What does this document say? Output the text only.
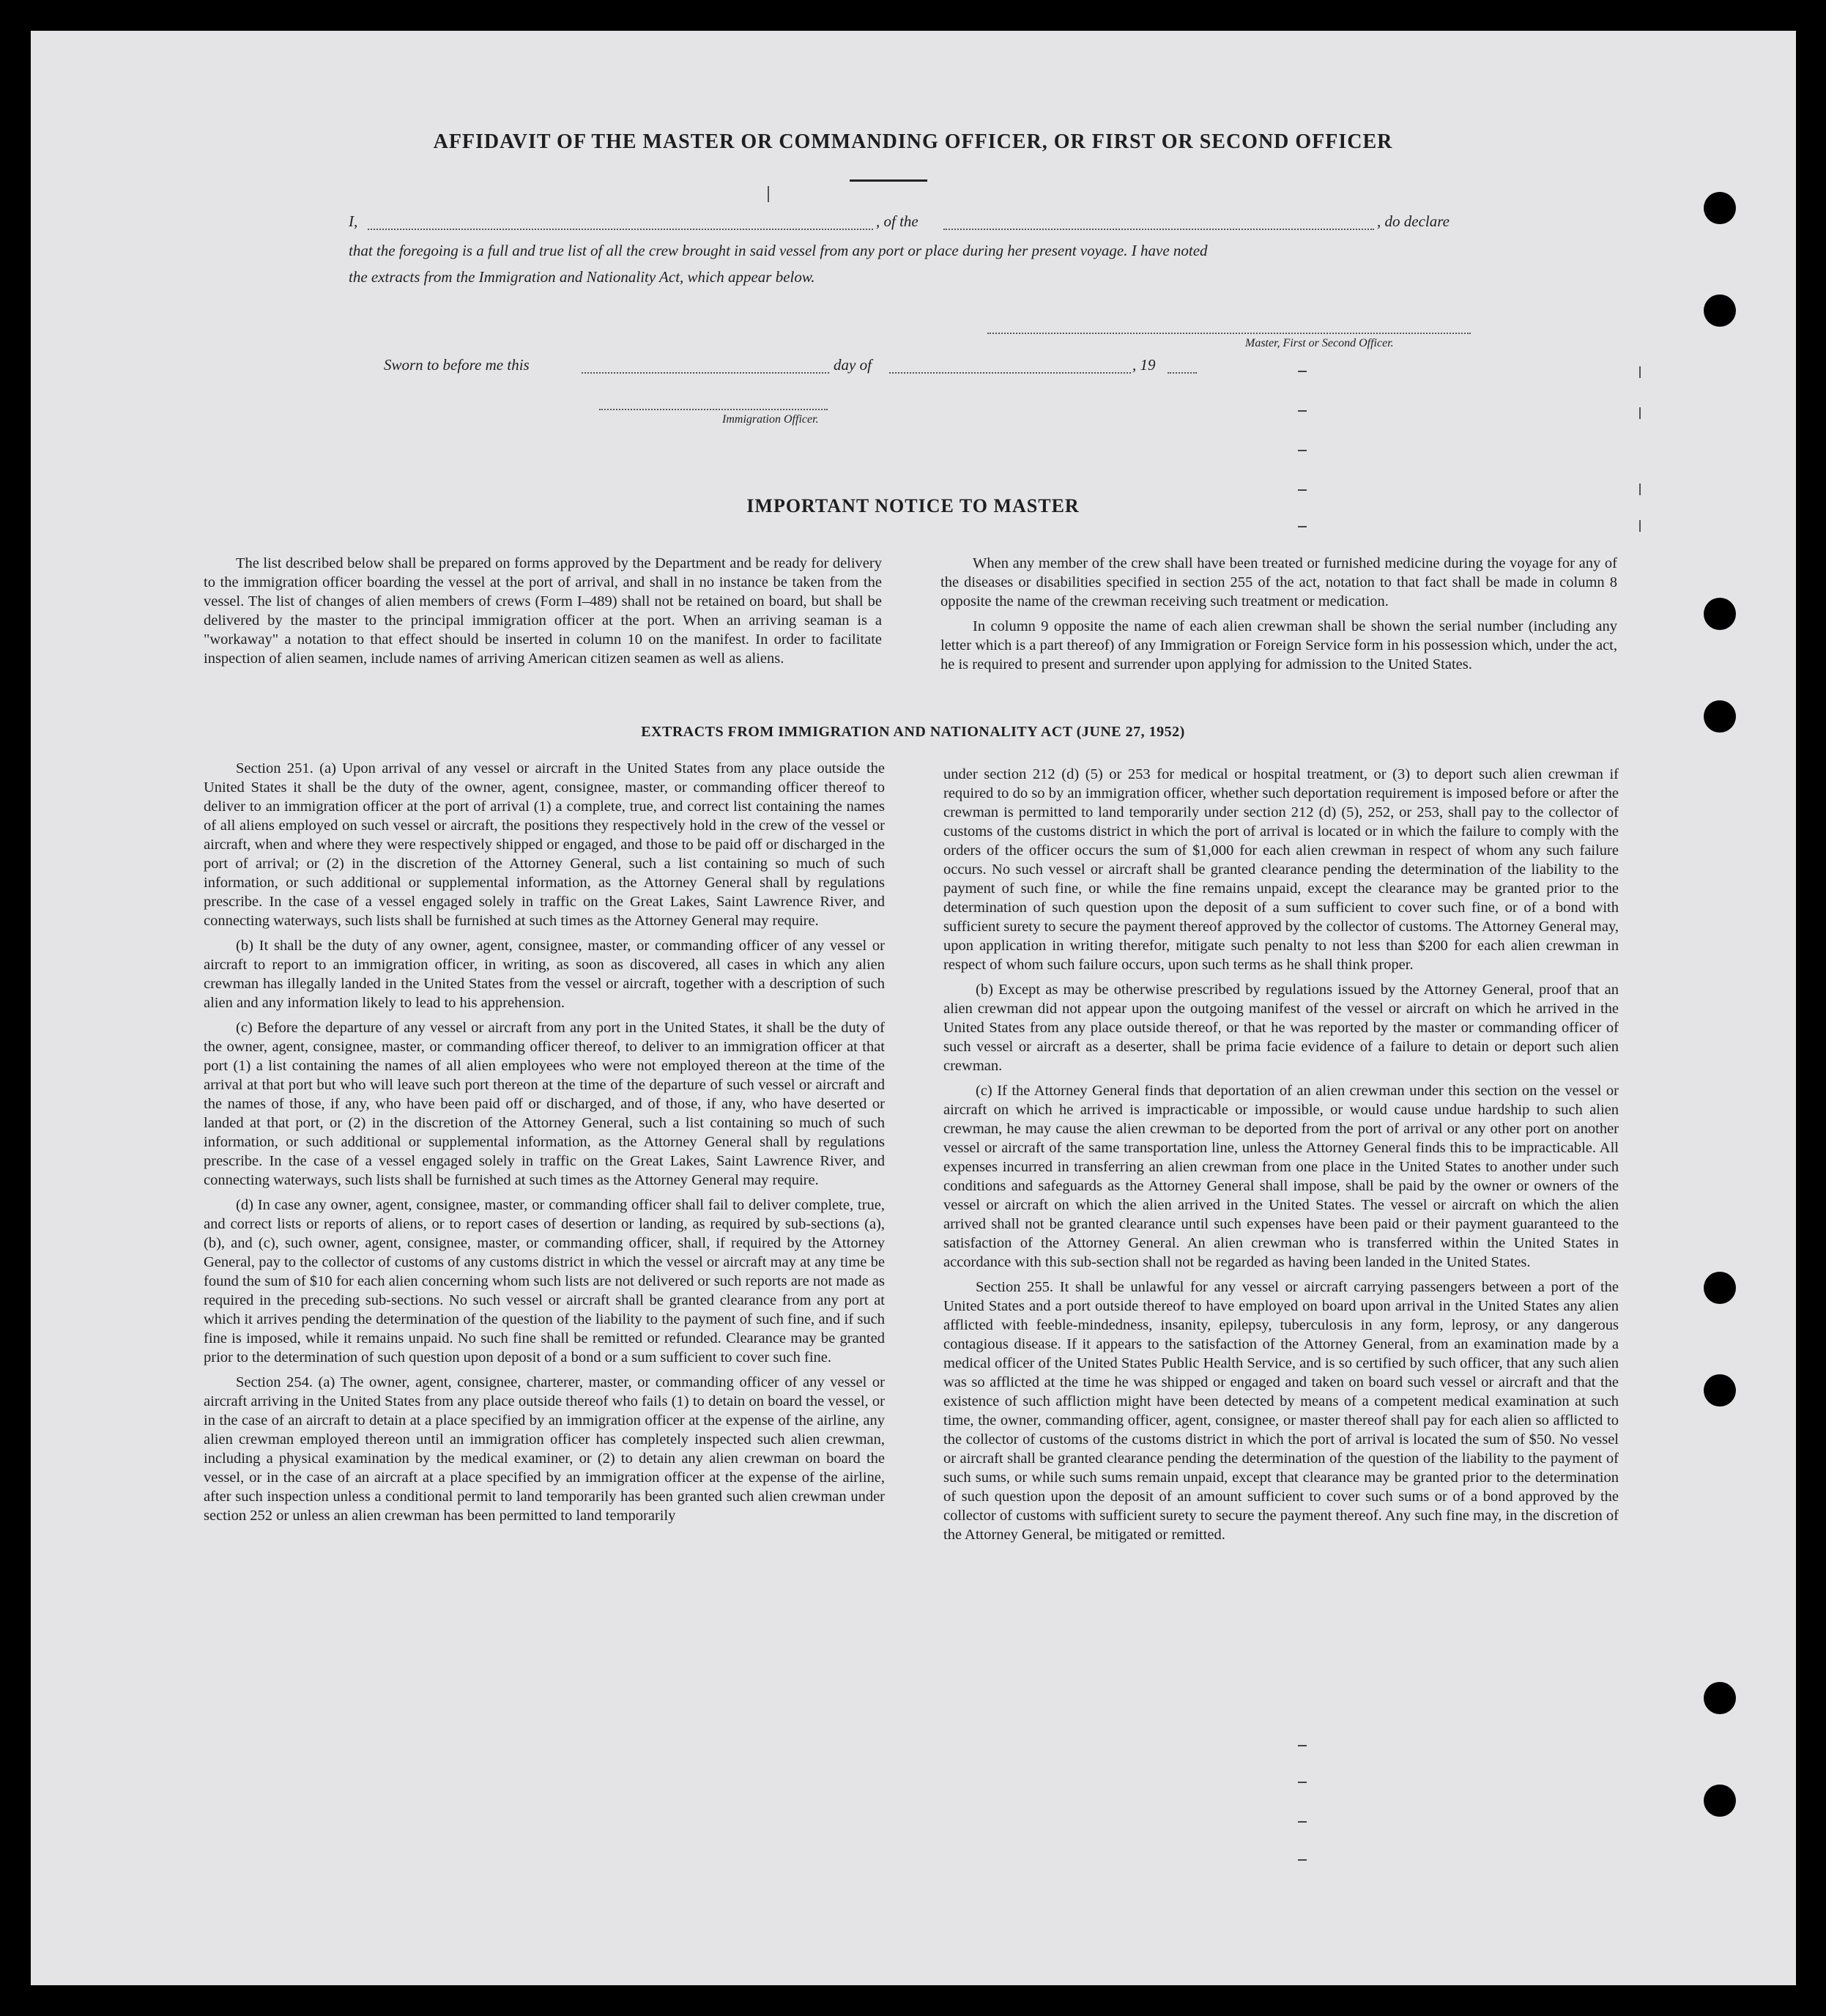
AFFIDAVIT OF THE MASTER OR COMMANDING OFFICER, OR FIRST OR SECOND OFFICER
I,	, of the	, do declare
that the foregoing is a full and true list of all the crew brought in said vessel from any port or place during her present voyage. I have noted
the extracts from the Immigration and Nationality Act, which appear below.
Master, First or Second Officer.
Sworn to before me this	day of	, 19
Immigration Officer.
IMPORTANT NOTICE TO MASTER

The list described below shall be prepared on forms approved by the Department and be ready for delivery to the immigration officer boarding the vessel at the port of arrival, and shall in no instance be taken from the vessel. The list of changes of alien members of crews (Form I–489) shall not be retained on board, but shall be delivered by the master to the principal immigration officer at the port. When an arriving seaman is a "workaway" a notation to that effect should be inserted in column 10 on the manifest. In order to facilitate inspection of alien seamen, include names of arriving American citizen seamen as well as aliens.

When any member of the crew shall have been treated or furnished medicine during the voyage for any of the diseases or disabilities specified in section 255 of the act, notation to that fact shall be made in column 8 opposite the name of the crewman receiving such treatment or medication.

In column 9 opposite the name of each alien crewman shall be shown the serial number (including any letter which is a part thereof) of any Immigration or Foreign Service form in his possession which, under the act, he is required to present and surrender upon applying for admission to the United States.

EXTRACTS FROM IMMIGRATION AND NATIONALITY ACT (JUNE 27, 1952)

Section 251. (a) Upon arrival of any vessel or aircraft in the United States from any place outside the United States it shall be the duty of the owner, agent, consignee, master, or commanding officer thereof to deliver to an immigration officer at the port of arrival (1) a complete, true, and correct list containing the names of all aliens employed on such vessel or aircraft, the positions they respectively hold in the crew of the vessel or aircraft, when and where they were respectively shipped or engaged, and those to be paid off or discharged in the port of arrival; or (2) in the discretion of the Attorney General, such a list containing so much of such information, or such additional or supplemental information, as the Attorney General shall by regulations prescribe. In the case of a vessel engaged solely in traffic on the Great Lakes, Saint Lawrence River, and connecting waterways, such lists shall be furnished at such times as the Attorney General may require.

(b) It shall be the duty of any owner, agent, consignee, master, or commanding officer of any vessel or aircraft to report to an immigration officer, in writing, as soon as discovered, all cases in which any alien crewman has illegally landed in the United States from the vessel or aircraft, together with a description of such alien and any information likely to lead to his apprehension.

(c) Before the departure of any vessel or aircraft from any port in the United States, it shall be the duty of the owner, agent, consignee, master, or commanding officer thereof, to deliver to an immigration officer at that port (1) a list containing the names of all alien employees who were not employed thereon at the time of the arrival at that port but who will leave such port thereon at the time of the departure of such vessel or aircraft and the names of those, if any, who have been paid off or discharged, and of those, if any, who have deserted or landed at that port, or (2) in the discretion of the Attorney General, such a list containing so much of such information, or such additional or supplemental information, as the Attorney General shall by regulations prescribe. In the case of a vessel engaged solely in traffic on the Great Lakes, Saint Lawrence River, and connecting waterways, such lists shall be furnished at such times as the Attorney General may require.

(d) In case any owner, agent, consignee, master, or commanding officer shall fail to deliver complete, true, and correct lists or reports of aliens, or to report cases of desertion or landing, as required by sub-sections (a), (b), and (c), such owner, agent, consignee, master, or commanding officer, shall, if required by the Attorney General, pay to the collector of customs of any customs district in which the vessel or aircraft may at any time be found the sum of $10 for each alien concerning whom such lists are not delivered or such reports are not made as required in the preceding sub-sections. No such vessel or aircraft shall be granted clearance from any port at which it arrives pending the determination of the question of the liability to the payment of such fine, and if such fine is imposed, while it remains unpaid. No such fine shall be remitted or refunded. Clearance may be granted prior to the determination of such question upon deposit of a bond or a sum sufficient to cover such fine.

Section 254. (a) The owner, agent, consignee, charterer, master, or commanding officer of any vessel or aircraft arriving in the United States from any place outside thereof who fails (1) to detain on board the vessel, or in the case of an aircraft to detain at a place specified by an immigration officer at the expense of the airline, any alien crewman employed thereon until an immigration officer has completely inspected such alien crewman, including a physical examination by the medical examiner, or (2) to detain any alien crewman on board the vessel, or in the case of an aircraft at a place specified by an immigration officer at the expense of the airline, after such inspection unless a conditional permit to land temporarily has been granted such alien crewman under section 252 or unless an alien crewman has been permitted to land temporarily

under section 212 (d) (5) or 253 for medical or hospital treatment, or (3) to deport such alien crewman if required to do so by an immigration officer, whether such deportation requirement is imposed before or after the crewman is permitted to land temporarily under section 212 (d) (5), 252, or 253, shall pay to the collector of customs of the customs district in which the port of arrival is located or in which the failure to comply with the orders of the officer occurs the sum of $1,000 for each alien crewman in respect of whom any such failure occurs. No such vessel or aircraft shall be granted clearance pending the determination of the liability to the payment of such fine, or while the fine remains unpaid, except the clearance may be granted prior to the determination of such question upon the deposit of a sum sufficient to cover such fine, or of a bond with sufficient surety to secure the payment thereof approved by the collector of customs. The Attorney General may, upon application in writing therefor, mitigate such penalty to not less than $200 for each alien crewman in respect of whom such failure occurs, upon such terms as he shall think proper.

(b) Except as may be otherwise prescribed by regulations issued by the Attorney General, proof that an alien crewman did not appear upon the outgoing manifest of the vessel or aircraft on which he arrived in the United States from any place outside thereof, or that he was reported by the master or commanding officer of such vessel or aircraft as a deserter, shall be prima facie evidence of a failure to detain or deport such alien crewman.

(c) If the Attorney General finds that deportation of an alien crewman under this section on the vessel or aircraft on which he arrived is impracticable or impossible, or would cause undue hardship to such alien crewman, he may cause the alien crewman to be deported from the port of arrival or any other port on another vessel or aircraft of the same transportation line, unless the Attorney General finds this to be impracticable. All expenses incurred in transferring an alien crewman from one place in the United States to another under such conditions and safeguards as the Attorney General shall impose, shall be paid by the owner or owners of the vessel or aircraft on which the alien arrived in the United States. The vessel or aircraft on which the alien arrived shall not be granted clearance until such expenses have been paid or their payment guaranteed to the satisfaction of the Attorney General. An alien crewman who is transferred within the United States in accordance with this sub-section shall not be regarded as having been landed in the United States.

Section 255. It shall be unlawful for any vessel or aircraft carrying passengers between a port of the United States and a port outside thereof to have employed on board upon arrival in the United States any alien afflicted with feeble-mindedness, insanity, epilepsy, tuberculosis in any form, leprosy, or any dangerous contagious disease. If it appears to the satisfaction of the Attorney General, from an examination made by a medical officer of the United States Public Health Service, and is so certified by such officer, that any such alien was so afflicted at the time he was shipped or engaged and taken on board such vessel or aircraft and that the existence of such affliction might have been detected by means of a competent medical examination at such time, the owner, commanding officer, agent, consignee, or master thereof shall pay for each alien so afflicted to the collector of customs of the customs district in which the port of arrival is located the sum of $50. No vessel or aircraft shall be granted clearance pending the determination of the question of the liability to the payment of such sums, or while such sums remain unpaid, except that clearance may be granted prior to the determination of such question upon the deposit of an amount sufficient to cover such sums or of a bond approved by the collector of customs with sufficient surety to secure the payment thereof. Any such fine may, in the discretion of the Attorney General, be mitigated or remitted.
